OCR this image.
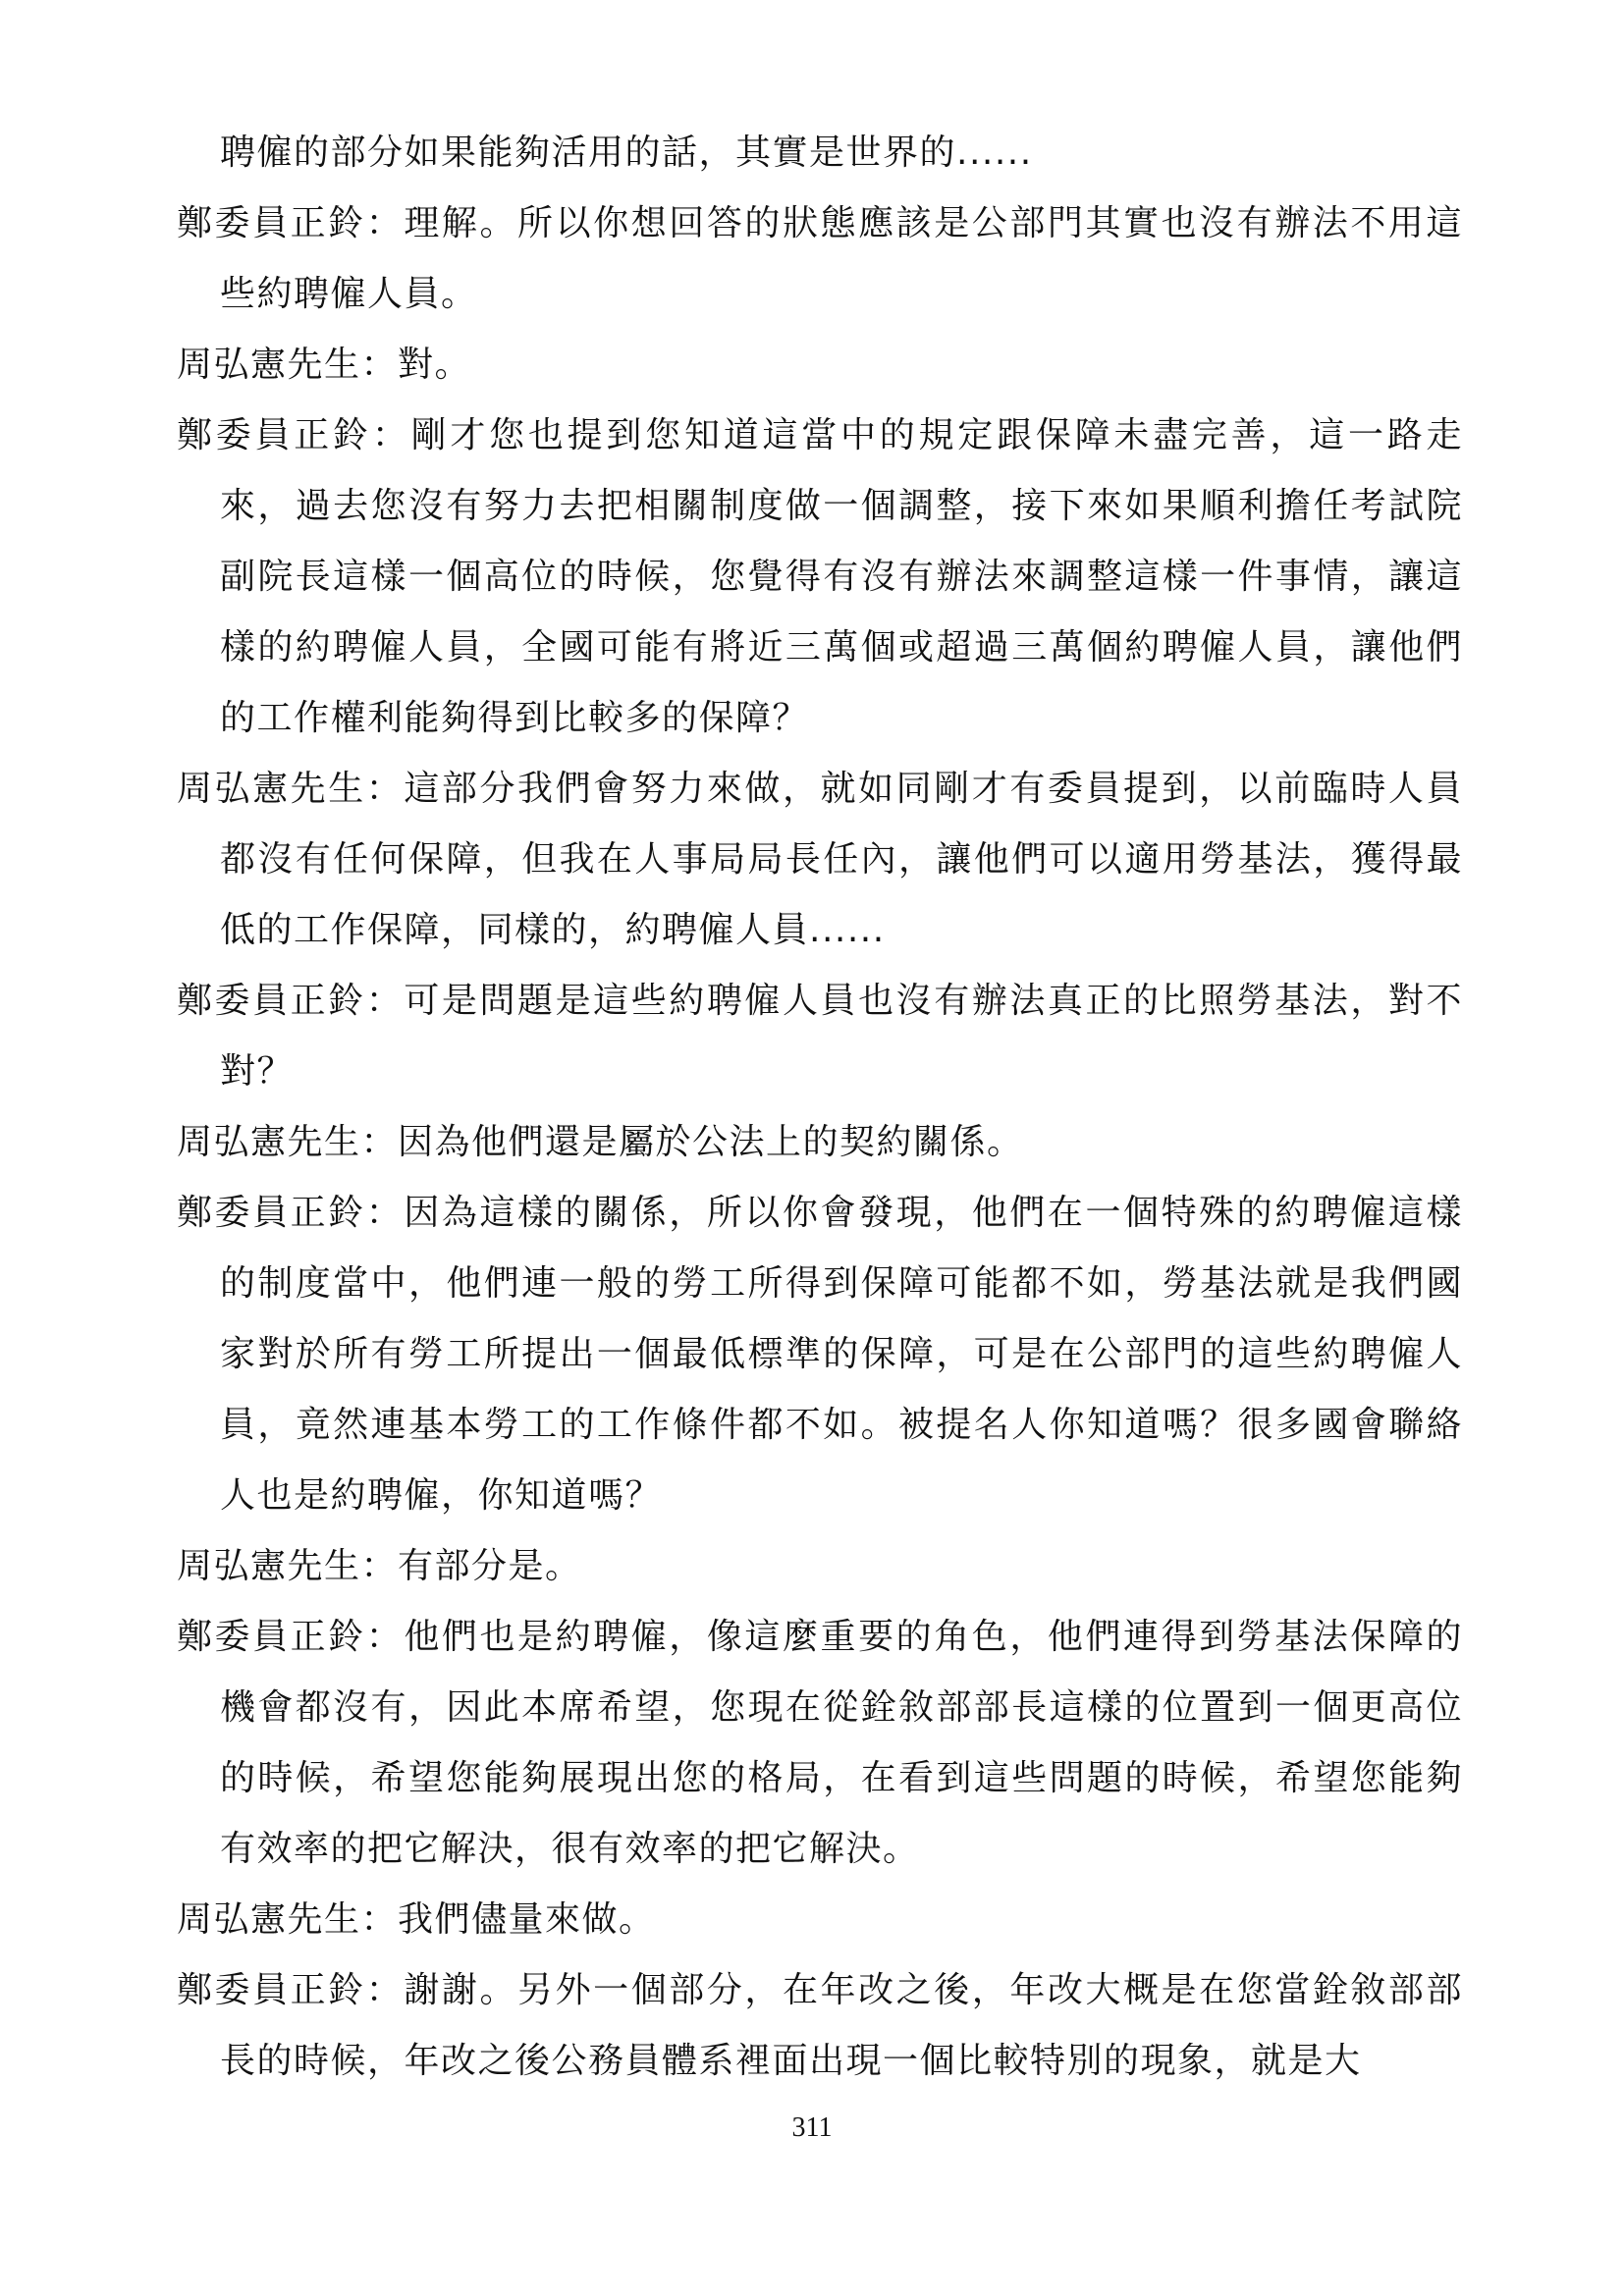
聘僱的部分如果能夠活用的話，其實是世界的......

鄭委員正鈴：理解。所以你想回答的狀態應該是公部門其實也沒有辦法不用這些約聘僱人員。

周弘憲先生：對。

鄭委員正鈴：剛才您也提到您知道這當中的規定跟保障未盡完善，這一路走來，過去您沒有努力去把相關制度做一個調整，接下來如果順利擔任考試院副院長這樣一個高位的時候，您覺得有沒有辦法來調整這樣一件事情，讓這樣的約聘僱人員，全國可能有將近三萬個或超過三萬個約聘僱人員，讓他們的工作權利能夠得到比較多的保障？

周弘憲先生：這部分我們會努力來做，就如同剛才有委員提到，以前臨時人員都沒有任何保障，但我在人事局局長任內，讓他們可以適用勞基法，獲得最低的工作保障，同樣的，約聘僱人員......

鄭委員正鈴：可是問題是這些約聘僱人員也沒有辦法真正的比照勞基法，對不對？

周弘憲先生：因為他們還是屬於公法上的契約關係。

鄭委員正鈴：因為這樣的關係，所以你會發現，他們在一個特殊的約聘僱這樣的制度當中，他們連一般的勞工所得到保障可能都不如，勞基法就是我們國家對於所有勞工所提出一個最低標準的保障，可是在公部門的這些約聘僱人員，竟然連基本勞工的工作條件都不如。被提名人你知道嗎？很多國會聯絡人也是約聘僱，你知道嗎？

周弘憲先生：有部分是。

鄭委員正鈴：他們也是約聘僱，像這麼重要的角色，他們連得到勞基法保障的機會都沒有，因此本席希望，您現在從銓敘部部長這樣的位置到一個更高位的時候，希望您能夠展現出您的格局，在看到這些問題的時候，希望您能夠有效率的把它解決，很有效率的把它解決。

周弘憲先生：我們儘量來做。

鄭委員正鈴：謝謝。另外一個部分，在年改之後，年改大概是在您當銓敘部部長的時候，年改之後公務員體系裡面出現一個比較特別的現象，就是大

311
